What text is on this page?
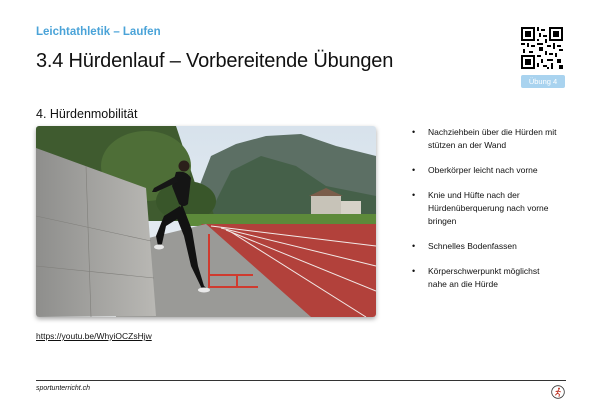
Leichtathletik – Laufen
3.4 Hürdenlauf – Vorbereitende Übungen
Übung 4
4. Hürdenmobilität
https://youtu.be/WhyiOCZsHjw
• Nachziehbein über die Hürden mit stützen an der Wand
• Oberkörper leicht nach vorne
• Knie und Hüfte nach der Hürdenüberquerung nach vorne bringen
• Schnelles Bodenfassen
• Körperschwerpunkt möglichst nahe an die Hürde
sportunterricht.ch
